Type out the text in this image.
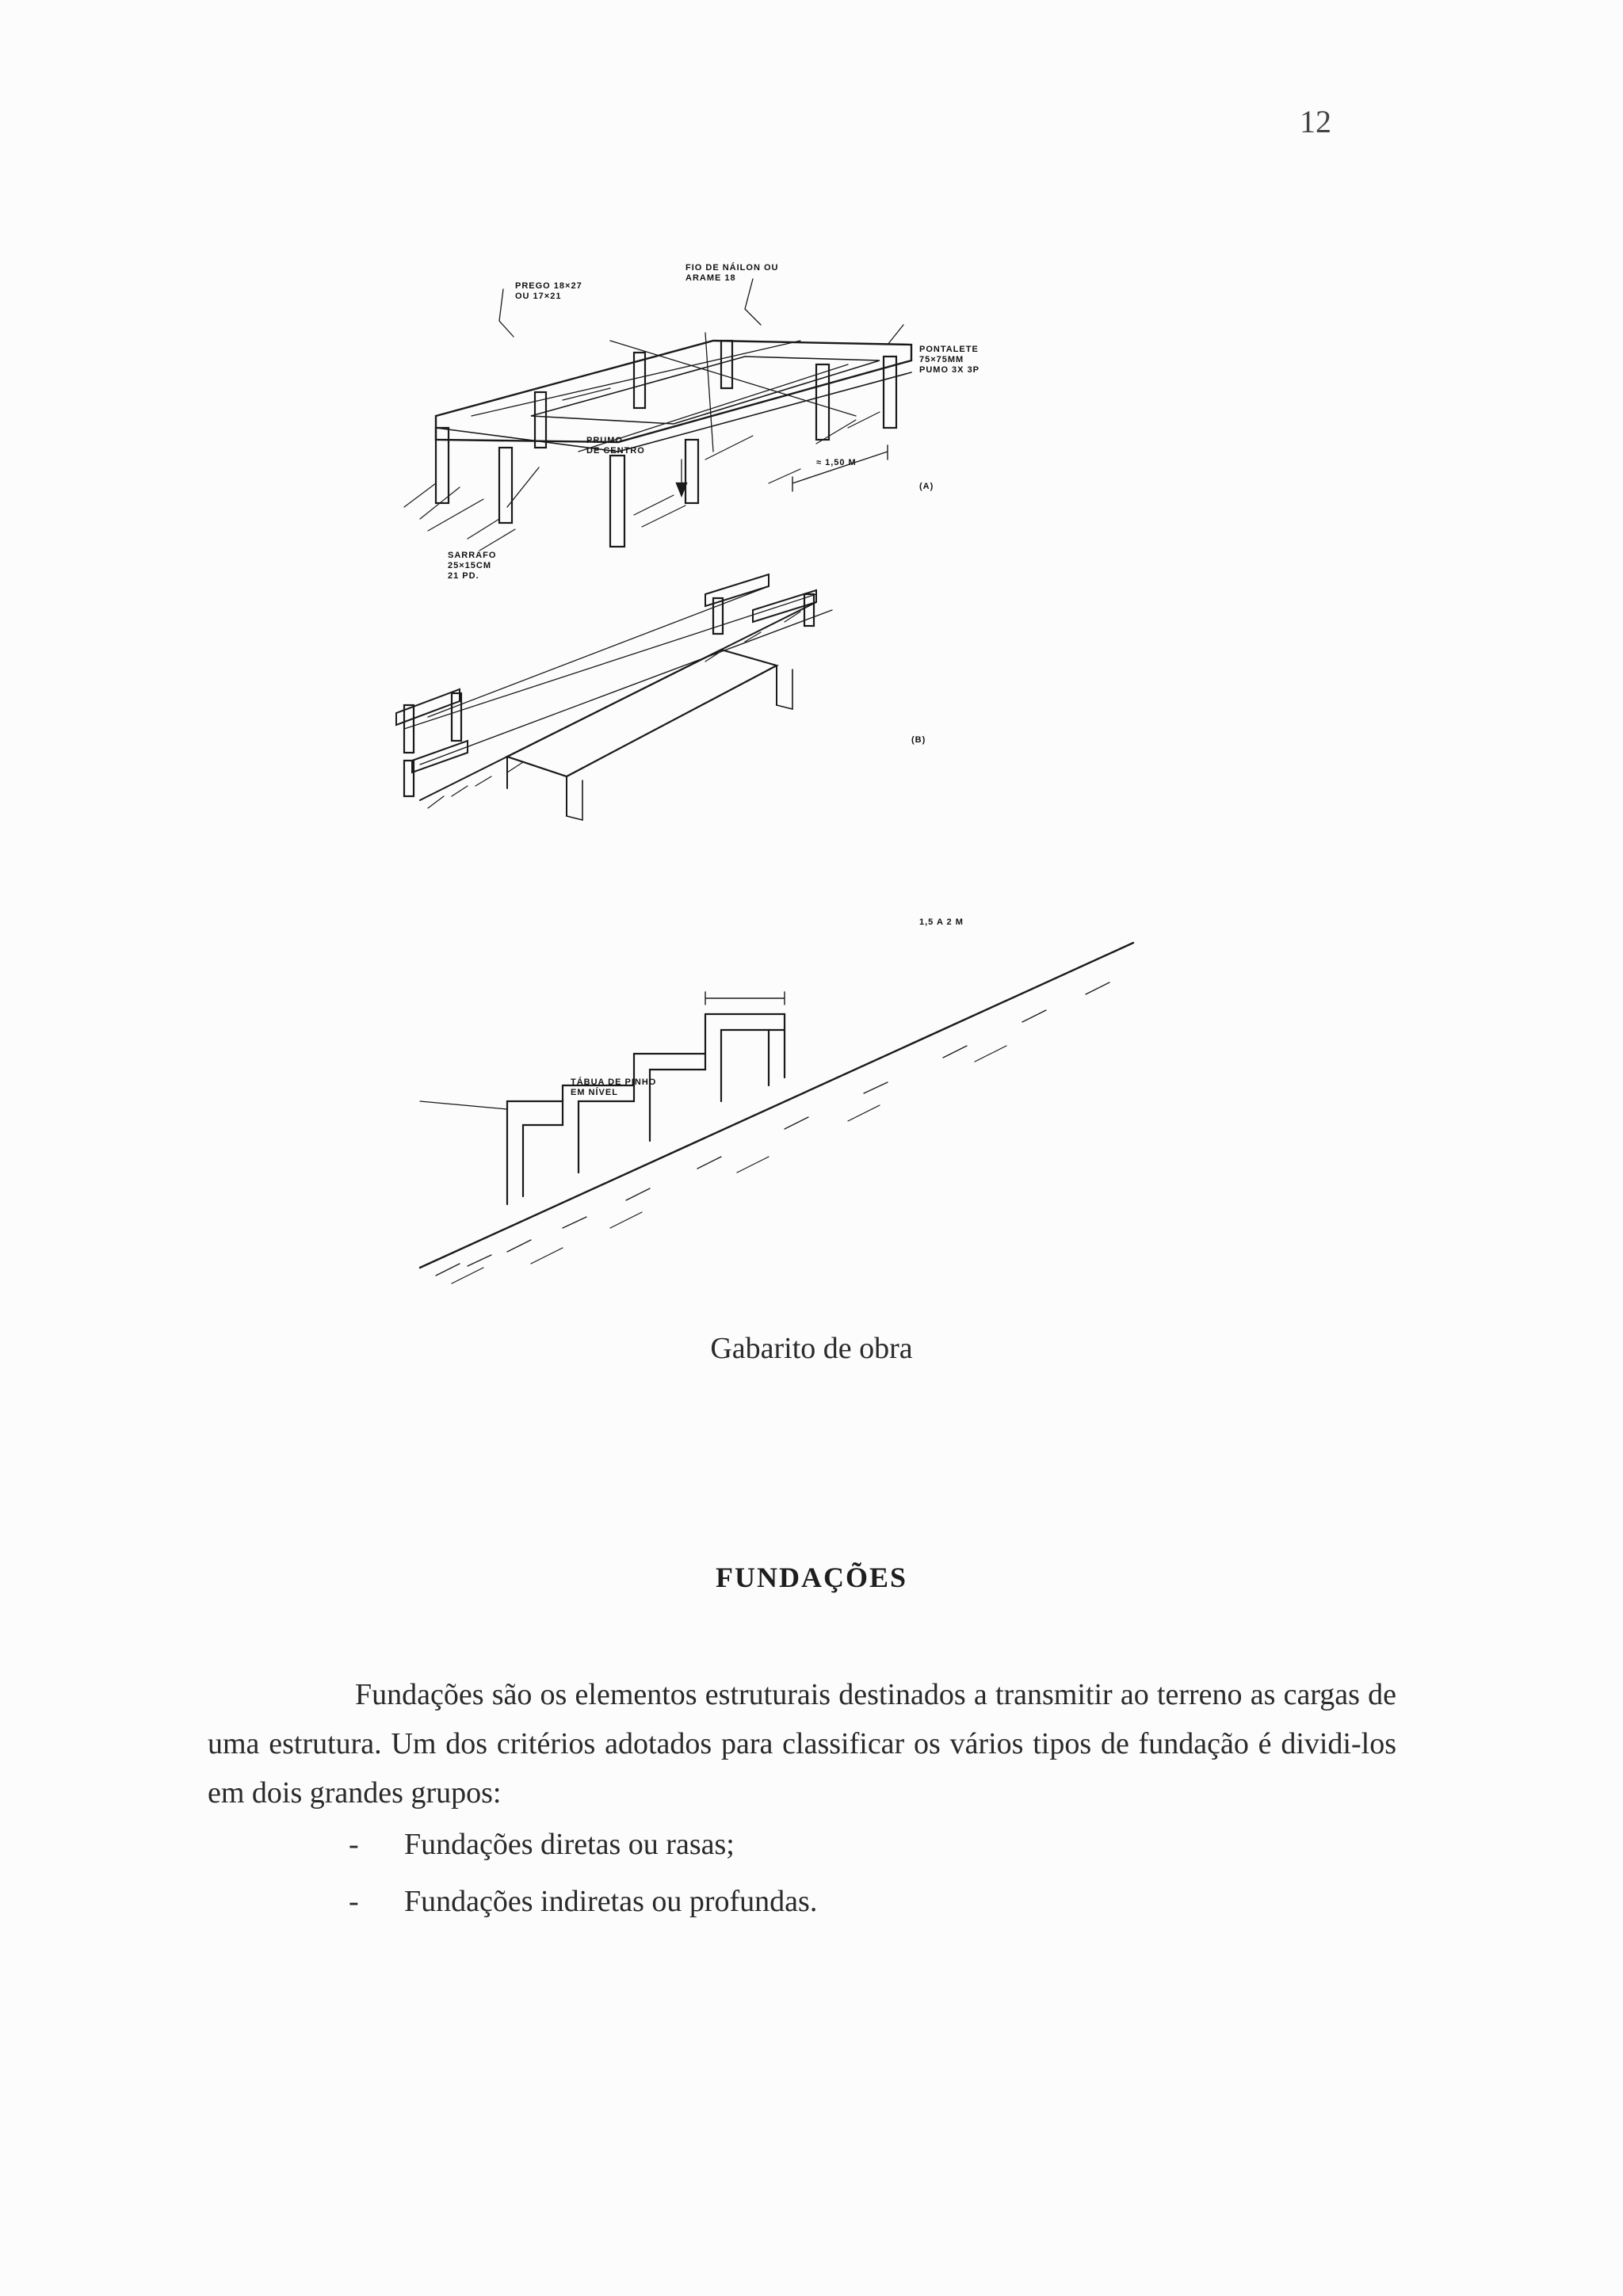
12
PREGO 18×27
OU 17×21
FIO DE NÁILON OU
ARAME 18
PONTALETE
75×75MM
PUMO 3X 3P
PRUMO
DE CENTRO
SARRAFO
25×15CM
21 PD.
≈ 1,50 M
(A)
(B)
TÁBUA DE PINHO
EM NÍVEL
1,5 A 2 M
Gabarito de obra
FUNDAÇÕES

Fundações são os elementos estruturais destinados a transmitir ao terreno as cargas de uma estrutura. Um dos critérios adotados para classificar os vários tipos de fundação é dividi-los em dois grandes grupos:

- Fundações diretas ou rasas;
- Fundações indiretas ou profundas.
